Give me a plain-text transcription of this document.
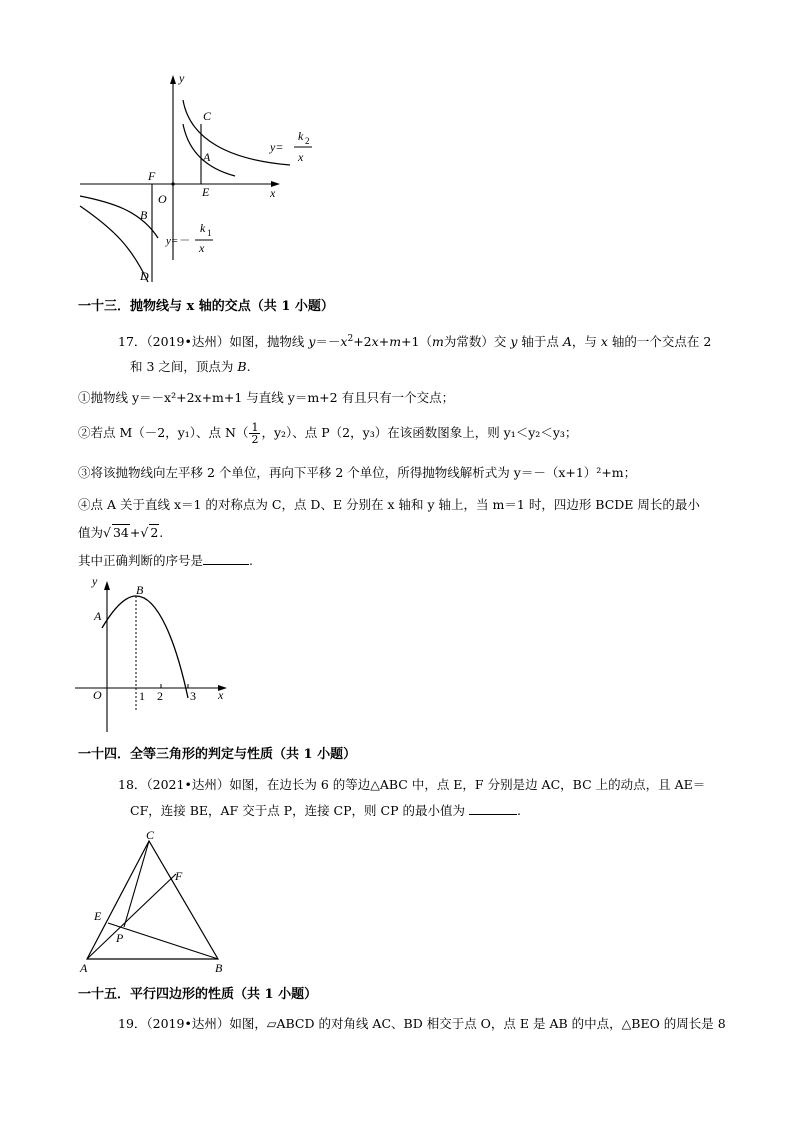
x
y
O
F
E
C
A
B
D
y=
k 2
x
y=－
k 1
x
一十三．抛物线与 x 轴的交点（共 1 小题）
17．（2019•达州）如图，抛物线 $y=-x^2+2x+m+1(m$为常数）交 y 轴于点 A，与 x 轴的一个交点在 2
和 3 之间，顶点为 B.
①抛物线 y＝－x²+2x+m+1 与直线 y＝m+2 有且只有一个交点；
②若点 M（－2，y₁）、点 $N( \frac{1}{2}$ ，y₂）、点 P（2，y₃）在该函数图象上，则 y₁＜y₂＜y₃；
③将该抛物线向左平移 2 个单位，再向下平移 2 个单位，所得抛物线解析式为 y＝－（x+1）²+m；
④点 A 关于直线 x＝1 的对称点为 C，点 D、E 分别在 x 轴和 y 轴上，当 m＝1 时，四边形 BCDE 周长的最小
值为√ 34+√ 2.
其中正确判断的序号是	.
y
B
A
O	1 2 3 x
一十四．全等三角形的判定与性质（共 1 小题）
18．（2021•达州）如图，在边长为 6 的等边△ABC 中，点 E，F 分别是边 AC，BC 上的动点，且 AE＝
CF，连接 BE，AF 交于点 P，连接 CP，则 CP 的最小值为	.
C
F
E
P
A	B
一十五．平行四边形的性质（共 1 小题）
19．（2019•达州）如图，▱ABCD 的对角线 AC、BD 相交于点 O，点 E 是 AB 的中点，△BEO 的周长是 8
